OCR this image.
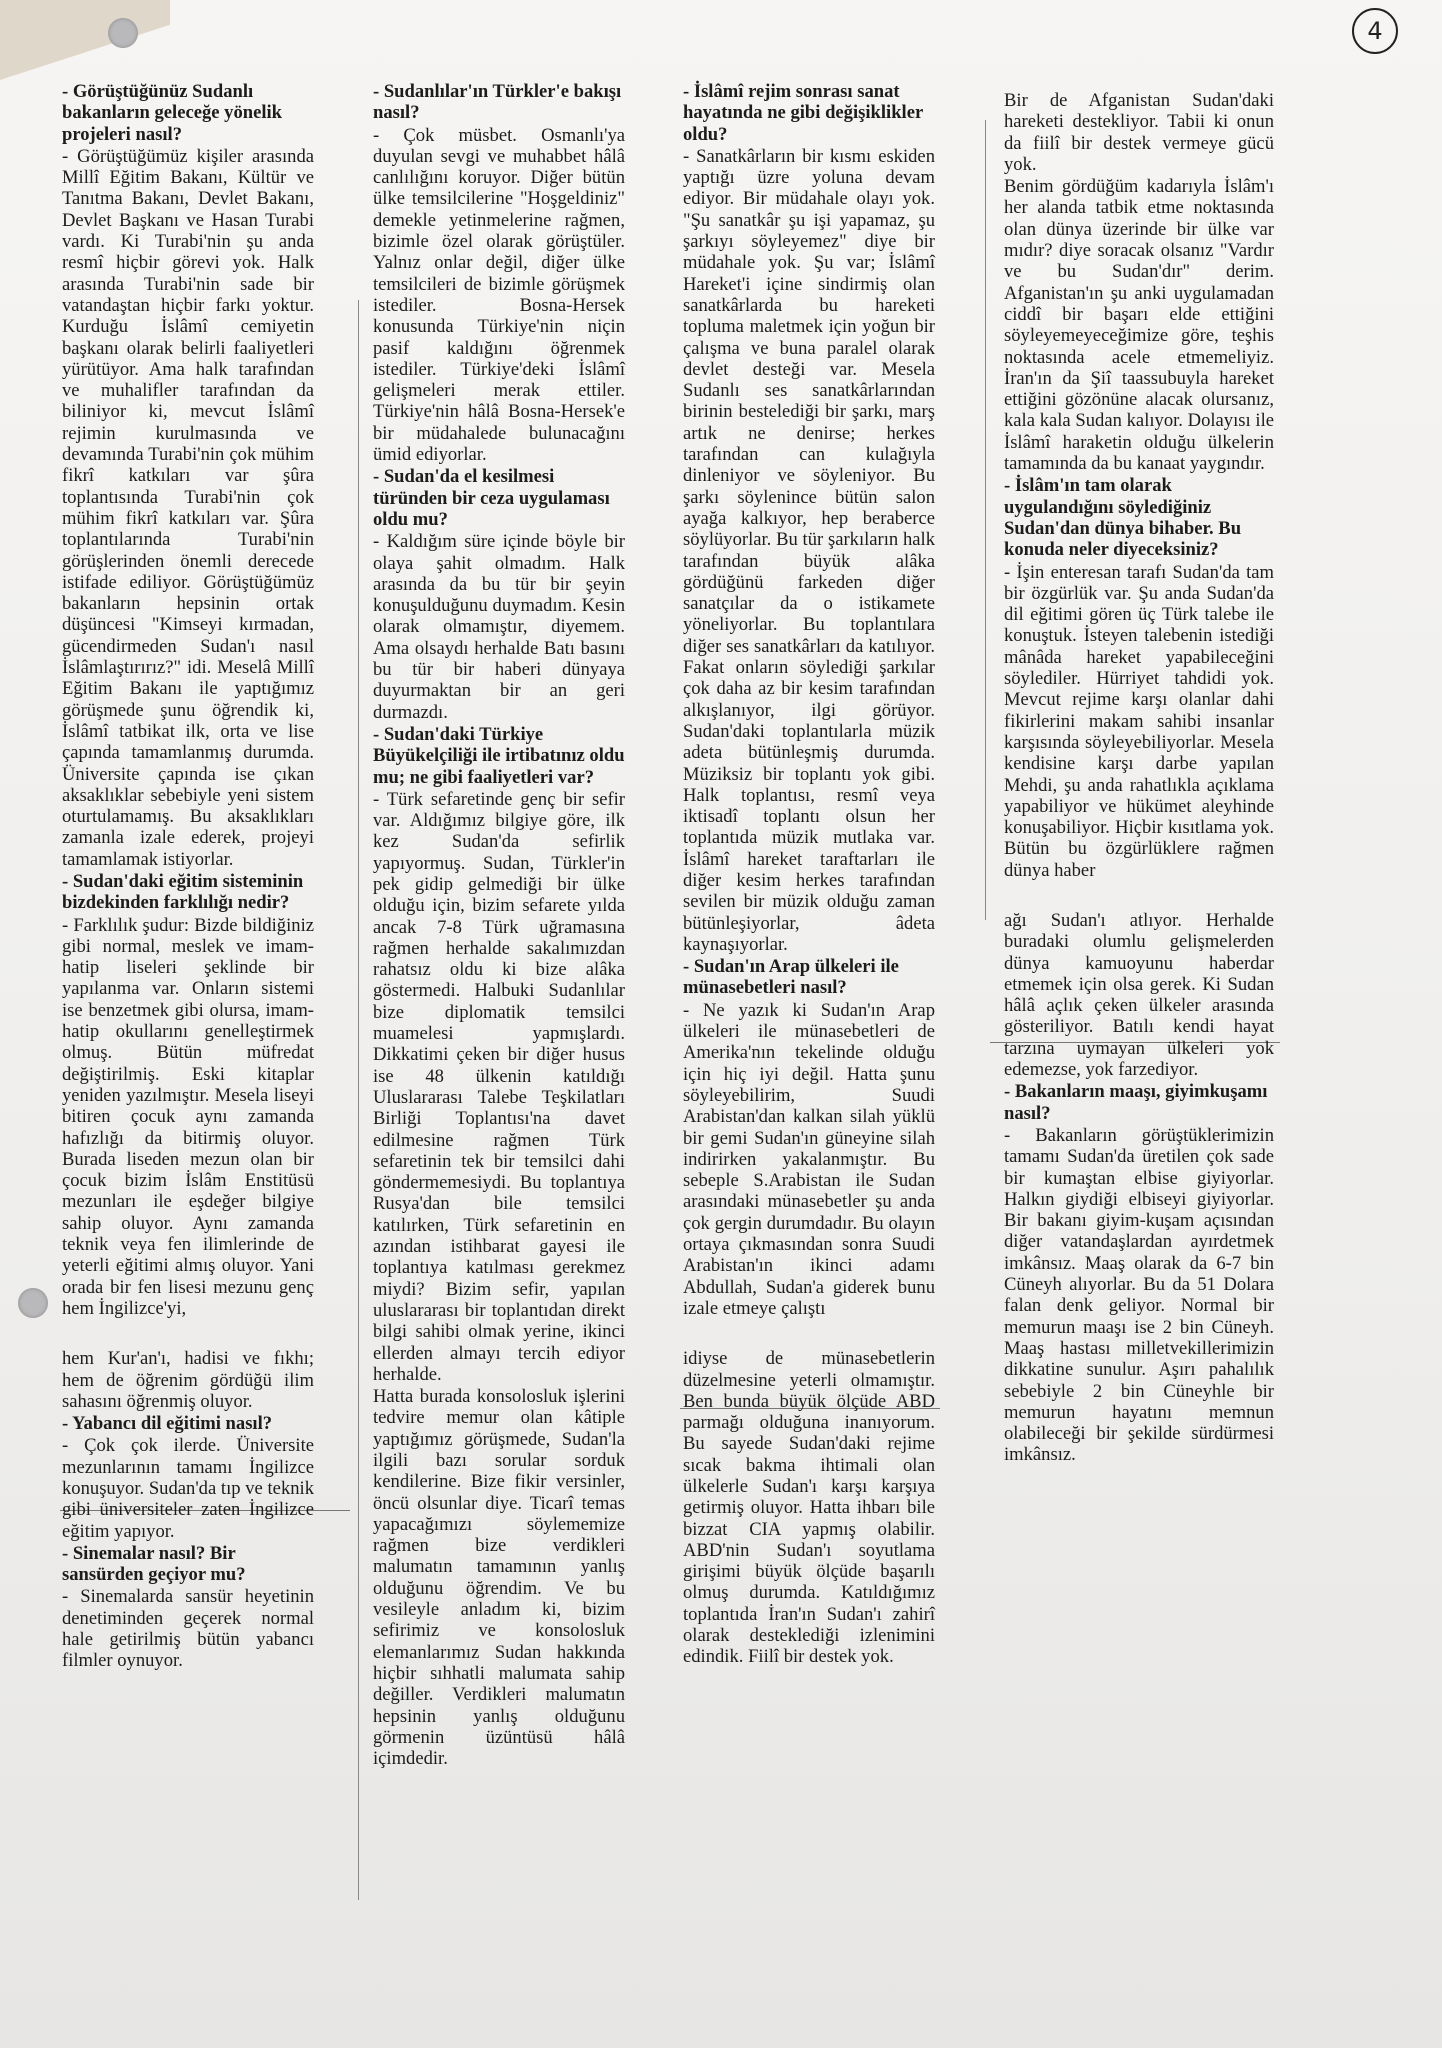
4

- Görüştüğünüz Sudanlı bakanların geleceğe yönelik projeleri nasıl?

- Görüştüğümüz kişiler arasında Millî Eğitim Bakanı, Kültür ve Tanıtma Bakanı, Devlet Bakanı, Devlet Başkanı ve Hasan Turabi vardı. Ki Turabi'nin şu anda resmî hiçbir görevi yok. Halk arasında Turabi'nin sade bir vatandaştan hiçbir farkı yoktur. Kurduğu İslâmî cemiyetin başkanı olarak belirli faaliyetleri yürütüyor. Ama halk tarafından ve muhalifler tarafından da biliniyor ki, mevcut İslâmî rejimin kurulmasında ve devamında Turabi'nin çok mühim fikrî katkıları var şûra toplantısında Turabi'nin çok mühim fikrî katkıları var. Şûra toplantılarında Turabi'nin görüşlerinden önemli derecede istifade ediliyor. Görüştüğümüz bakanların hepsinin ortak düşüncesi "Kimseyi kırmadan, gücendirmeden Sudan'ı nasıl İslâmlaştırırız?" idi. Meselâ Millî Eğitim Bakanı ile yaptığımız görüşmede şunu öğrendik ki, İslâmî tatbikat ilk, orta ve lise çapında tamamlanmış durumda. Üniversite çapında ise çıkan aksaklıklar sebebiyle yeni sistem oturtulamamış. Bu aksaklıkları zamanla izale ederek, projeyi tamamlamak istiyorlar.

- Sudan'daki eğitim sisteminin bizdekinden farklılığı nedir?

- Farklılık şudur: Bizde bildiğiniz gibi normal, meslek ve imam-hatip liseleri şeklinde bir yapılanma var. Onların sistemi ise benzetmek gibi olursa, imam-hatip okullarını genelleştirmek olmuş. Bütün müfredat değiştirilmiş. Eski kitaplar yeniden yazılmıştır. Mesela liseyi bitiren çocuk aynı zamanda hafızlığı da bitirmiş oluyor. Burada liseden mezun olan bir çocuk bizim İslâm Enstitüsü mezunları ile eşdeğer bilgiye sahip oluyor. Aynı zamanda teknik veya fen ilimlerinde de yeterli eğitimi almış oluyor. Yani orada bir fen lisesi mezunu genç hem İngilizce'yi,

hem Kur'an'ı, hadisi ve fıkhı; hem de öğrenim gördüğü ilim sahasını öğrenmiş oluyor.

- Yabancı dil eğitimi nasıl?

- Çok çok ilerde. Üniversite mezunlarının tamamı İngilizce konuşuyor. Sudan'da tıp ve teknik gibi üniversiteler zaten İngilizce eğitim yapıyor.

- Sinemalar nasıl? Bir sansürden geçiyor mu?

- Sinemalarda sansür heyetinin denetiminden geçerek normal hale getirilmiş bütün yabancı filmler oynuyor.

- Sudanlılar'ın Türkler'e bakışı nasıl?

- Çok müsbet. Osmanlı'ya duyulan sevgi ve muhabbet hâlâ canlılığını koruyor. Diğer bütün ülke temsilcilerine "Hoşgeldiniz" demekle yetinmelerine rağmen, bizimle özel olarak görüştüler. Yalnız onlar değil, diğer ülke temsilcileri de bizimle görüşmek istediler. Bosna-Hersek konusunda Türkiye'nin niçin pasif kaldığını öğrenmek istediler. Türkiye'deki İslâmî gelişmeleri merak ettiler. Türkiye'nin hâlâ Bosna-Hersek'e bir müdahalede bulunacağını ümid ediyorlar.

- Sudan'da el kesilmesi türünden bir ceza uygulaması oldu mu?

- Kaldığım süre içinde böyle bir olaya şahit olmadım. Halk arasında da bu tür bir şeyin konuşulduğunu duymadım. Kesin olarak olmamıştır, diyemem. Ama olsaydı herhalde Batı basını bu tür bir haberi dünyaya duyurmaktan bir an geri durmazdı.

- Sudan'daki Türkiye Büyükelçiliği ile irtibatınız oldu mu; ne gibi faaliyetleri var?

- Türk sefaretinde genç bir sefir var. Aldığımız bilgiye göre, ilk kez Sudan'da sefirlik yapıyormuş. Sudan, Türkler'in pek gidip gelmediği bir ülke olduğu için, bizim sefarete yılda ancak 7-8 Türk uğramasına rağmen herhalde sakalımızdan rahatsız oldu ki bize alâka göstermedi. Halbuki Sudanlılar bize diplomatik temsilci muamelesi yapmışlardı. Dikkatimi çeken bir diğer husus ise 48 ülkenin katıldığı Uluslararası Talebe Teşkilatları Birliği Toplantısı'na davet edilmesine rağmen Türk sefaretinin tek bir temsilci dahi göndermemesiydi. Bu toplantıya Rusya'dan bile temsilci katılırken, Türk sefaretinin en azından istihbarat gayesi ile toplantıya katılması gerekmez miydi? Bizim sefir, yapılan uluslararası bir toplantıdan direkt bilgi sahibi olmak yerine, ikinci ellerden almayı tercih ediyor herhalde.

Hatta burada konsolosluk işlerini tedvire memur olan kâtiple yaptığımız görüşmede, Sudan'la ilgili bazı sorular sorduk kendilerine. Bize fikir versinler, öncü olsunlar diye. Ticarî temas yapacağımızı söylememize rağmen bize verdikleri malumatın tamamının yanlış olduğunu öğrendim. Ve bu vesileyle anladım ki, bizim sefirimiz ve konsolosluk elemanlarımız Sudan hakkında hiçbir sıhhatli malumata sahip değiller. Verdikleri malumatın hepsinin yanlış olduğunu görmenin üzüntüsü hâlâ içimdedir.

- İslâmî rejim sonrası sanat hayatında ne gibi değişiklikler oldu?

- Sanatkârların bir kısmı eskiden yaptığı üzre yoluna devam ediyor. Bir müdahale olayı yok. "Şu sanatkâr şu işi yapamaz, şu şarkıyı söyleyemez" diye bir müdahale yok. Şu var; İslâmî Hareket'i içine sindirmiş olan sanatkârlarda bu hareketi topluma maletmek için yoğun bir çalışma ve buna paralel olarak devlet desteği var. Mesela Sudanlı ses sanatkârlarından birinin bestelediği bir şarkı, marş artık ne denirse; herkes tarafından can kulağıyla dinleniyor ve söyleniyor. Bu şarkı söylenince bütün salon ayağa kalkıyor, hep beraberce söylüyorlar. Bu tür şarkıların halk tarafından büyük alâka gördüğünü farkeden diğer sanatçılar da o istikamete yöneliyorlar. Bu toplantılara diğer ses sanatkârları da katılıyor. Fakat onların söylediği şarkılar çok daha az bir kesim tarafından alkışlanıyor, ilgi görüyor. Sudan'daki toplantılarla müzik adeta bütünleşmiş durumda. Müziksiz bir toplantı yok gibi. Halk toplantısı, resmî veya iktisadî toplantı olsun her toplantıda müzik mutlaka var. İslâmî hareket taraftarları ile diğer kesim herkes tarafından sevilen bir müzik olduğu zaman bütünleşiyorlar, âdeta kaynaşıyorlar.

- Sudan'ın Arap ülkeleri ile münasebetleri nasıl?

- Ne yazık ki Sudan'ın Arap ülkeleri ile münasebetleri de Amerika'nın tekelinde olduğu için hiç iyi değil. Hatta şunu söyleyebilirim, Suudi Arabistan'dan kalkan silah yüklü bir gemi Sudan'ın güneyine silah indirirken yakalanmıştır. Bu sebeple S.Arabistan ile Sudan arasındaki münasebetler şu anda çok gergin durumdadır. Bu olayın ortaya çıkmasından sonra Suudi Arabistan'ın ikinci adamı Abdullah, Sudan'a giderek bunu izale etmeye çalıştı

idiyse de münasebetlerin düzelmesine yeterli olmamıştır. Ben bunda büyük ölçüde ABD parmağı olduğuna inanıyorum. Bu sayede Sudan'daki rejime sıcak bakma ihtimali olan ülkelerle Sudan'ı karşı karşıya getirmiş oluyor. Hatta ihbarı bile bizzat CIA yapmış olabilir. ABD'nin Sudan'ı soyutlama girişimi büyük ölçüde başarılı olmuş durumda. Katıldığımız toplantıda İran'ın Sudan'ı zahirî olarak desteklediği izlenimini edindik. Fiilî bir destek yok.

Bir de Afganistan Sudan'daki hareketi destekliyor. Tabii ki onun da fiilî bir destek vermeye gücü yok.

Benim gördüğüm kadarıyla İslâm'ı her alanda tatbik etme noktasında olan dünya üzerinde bir ülke var mıdır? diye soracak olsanız "Vardır ve bu Sudan'dır" derim. Afganistan'ın şu anki uygulamadan ciddî bir başarı elde ettiğini söyleyemeyeceğimize göre, teşhis noktasında acele etmemeliyiz. İran'ın da Şiî taassubuyla hareket ettiğini gözönüne alacak olursanız, kala kala Sudan kalıyor. Dolayısı ile İslâmî haraketin olduğu ülkelerin tamamında da bu kanaat yaygındır.

- İslâm'ın tam olarak uygulandığını söylediğiniz Sudan'dan dünya bihaber. Bu konuda neler diyeceksiniz?

- İşin enteresan tarafı Sudan'da tam bir özgürlük var. Şu anda Sudan'da dil eğitimi gören üç Türk talebe ile konuştuk. İsteyen talebenin istediği mânâda hareket yapabileceğini söylediler. Hürriyet tahdidi yok. Mevcut rejime karşı olanlar dahi fikirlerini makam sahibi insanlar karşısında söyleyebiliyorlar. Mesela kendisine karşı darbe yapılan Mehdi, şu anda rahatlıkla açıklama yapabiliyor ve hükümet aleyhinde konuşabiliyor. Hiçbir kısıtlama yok. Bütün bu özgürlüklere rağmen dünya haber

ağı Sudan'ı atlıyor. Herhalde buradaki olumlu gelişmelerden dünya kamuoyunu haberdar etmemek için olsa gerek. Ki Sudan hâlâ açlık çeken ülkeler arasında gösteriliyor. Batılı kendi hayat tarzına uymayan ülkeleri yok edemezse, yok farzediyor.

- Bakanların maaşı, giyimkuşamı nasıl?

- Bakanların görüştüklerimizin tamamı Sudan'da üretilen çok sade bir kumaştan elbise giyiyorlar. Halkın giydiği elbiseyi giyiyorlar. Bir bakanı giyim-kuşam açısından diğer vatandaşlardan ayırdetmek imkânsız. Maaş olarak da 6-7 bin Cüneyh alıyorlar. Bu da 51 Dolara falan denk geliyor. Normal bir memurun maaşı ise 2 bin Cüneyh. Maaş hastası milletvekillerimizin dikkatine sunulur. Aşırı pahalılık sebebiyle 2 bin Cüneyhle bir memurun hayatını memnun olabileceği bir şekilde sürdürmesi imkânsız.
